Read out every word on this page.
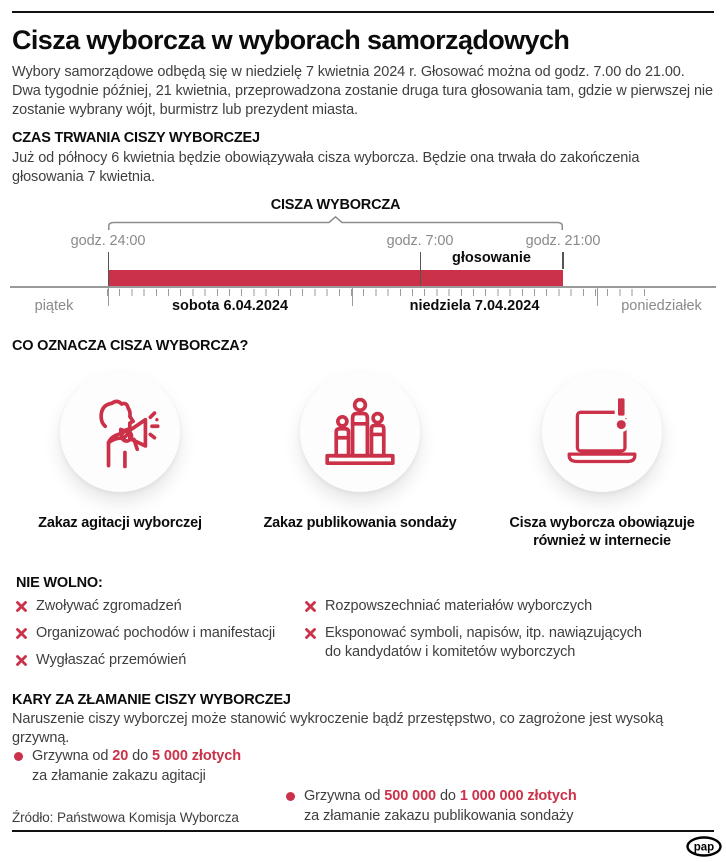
Cisza wyborcza w wyborach samorządowych
Wybory samorządowe odbędą się w niedzielę 7 kwietnia 2024 r. Głosować można od godz. 7.00 do 21.00. Dwa tygodnie później, 21 kwietnia, przeprowadzona zostanie druga tura głosowania tam, gdzie w pierwszej nie zostanie wybrany wójt, burmistrz lub prezydent miasta.
CZAS TRWANIA CISZY WYBORCZEJ
Już od północy 6 kwietnia będzie obowiązywała cisza wyborcza. Będzie ona trwała do zakończenia głosowania 7 kwietnia.
CISZA WYBORCZA
godz. 24:00	godz. 7:00	godz. 21:00
głosowanie
piątek	sobota 6.04.2024	niedziela 7.04.2024	poniedziałek
CO OZNACZA CISZA WYBORCZA?
Zakaz agitacji wyborczej	Zakaz publikowania sondaży	Cisza wyborcza obowiązuje również w internecie
NIE WOLNO:
Zwoływać zgromadzeń
Organizować pochodów i manifestacji
Wygłaszać przemówień
Rozpowszechniać materiałów wyborczych
Eksponować symboli, napisów, itp. nawiązujących do kandydatów i komitetów wyborczych
KARY ZA ZŁAMANIE CISZY WYBORCZEJ
Naruszenie ciszy wyborczej może stanowić wykroczenie bądź przestępstwo, co zagrożone jest wysoką grzywną.
Grzywna od 20 do 5 000 złotych
za złamanie zakazu agitacji
Grzywna od 500 000 do 1 000 000 złotych
za złamanie zakazu publikowania sondaży
Źródło: Państwowa Komisja Wyborcza
pap
